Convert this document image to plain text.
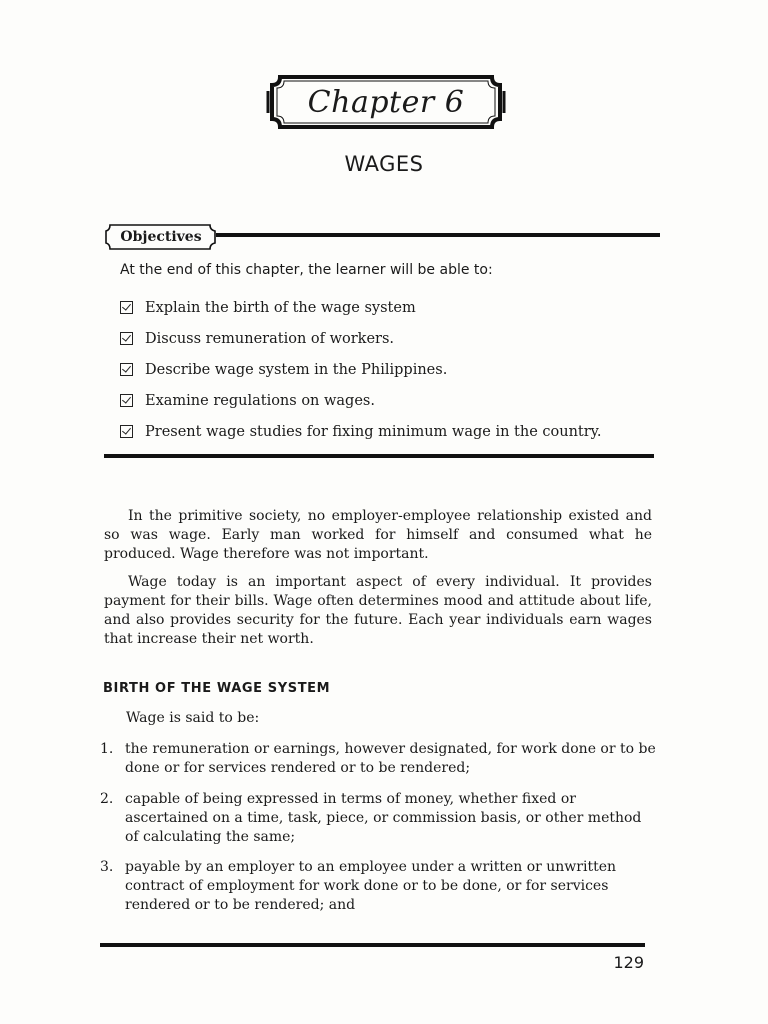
Chapter 6
WAGES
Objectives
At the end of this chapter, the learner will be able to:
Explain the birth of the wage system
Discuss remuneration of workers.
Describe wage system in the Philippines.
Examine regulations on wages.
Present wage studies for fixing minimum wage in the country.

In the primitive society, no employer-employee relationship existed and so was wage. Early man worked for himself and consumed what he produced. Wage therefore was not important.

Wage today is an important aspect of every individual. It provides payment for their bills. Wage often determines mood and attitude about life, and also provides security for the future. Each year individuals earn wages that increase their net worth.

BIRTH OF THE WAGE SYSTEM
Wage is said to be:
1. the remuneration or earnings, however designated, for work done or to be done or for services rendered or to be rendered;
2. capable of being expressed in terms of money, whether fixed or ascertained on a time, task, piece, or commission basis, or other method of calculating the same;
3. payable by an employer to an employee under a written or unwritten contract of employment for work done or to be done, or for services rendered or to be rendered; and
129
